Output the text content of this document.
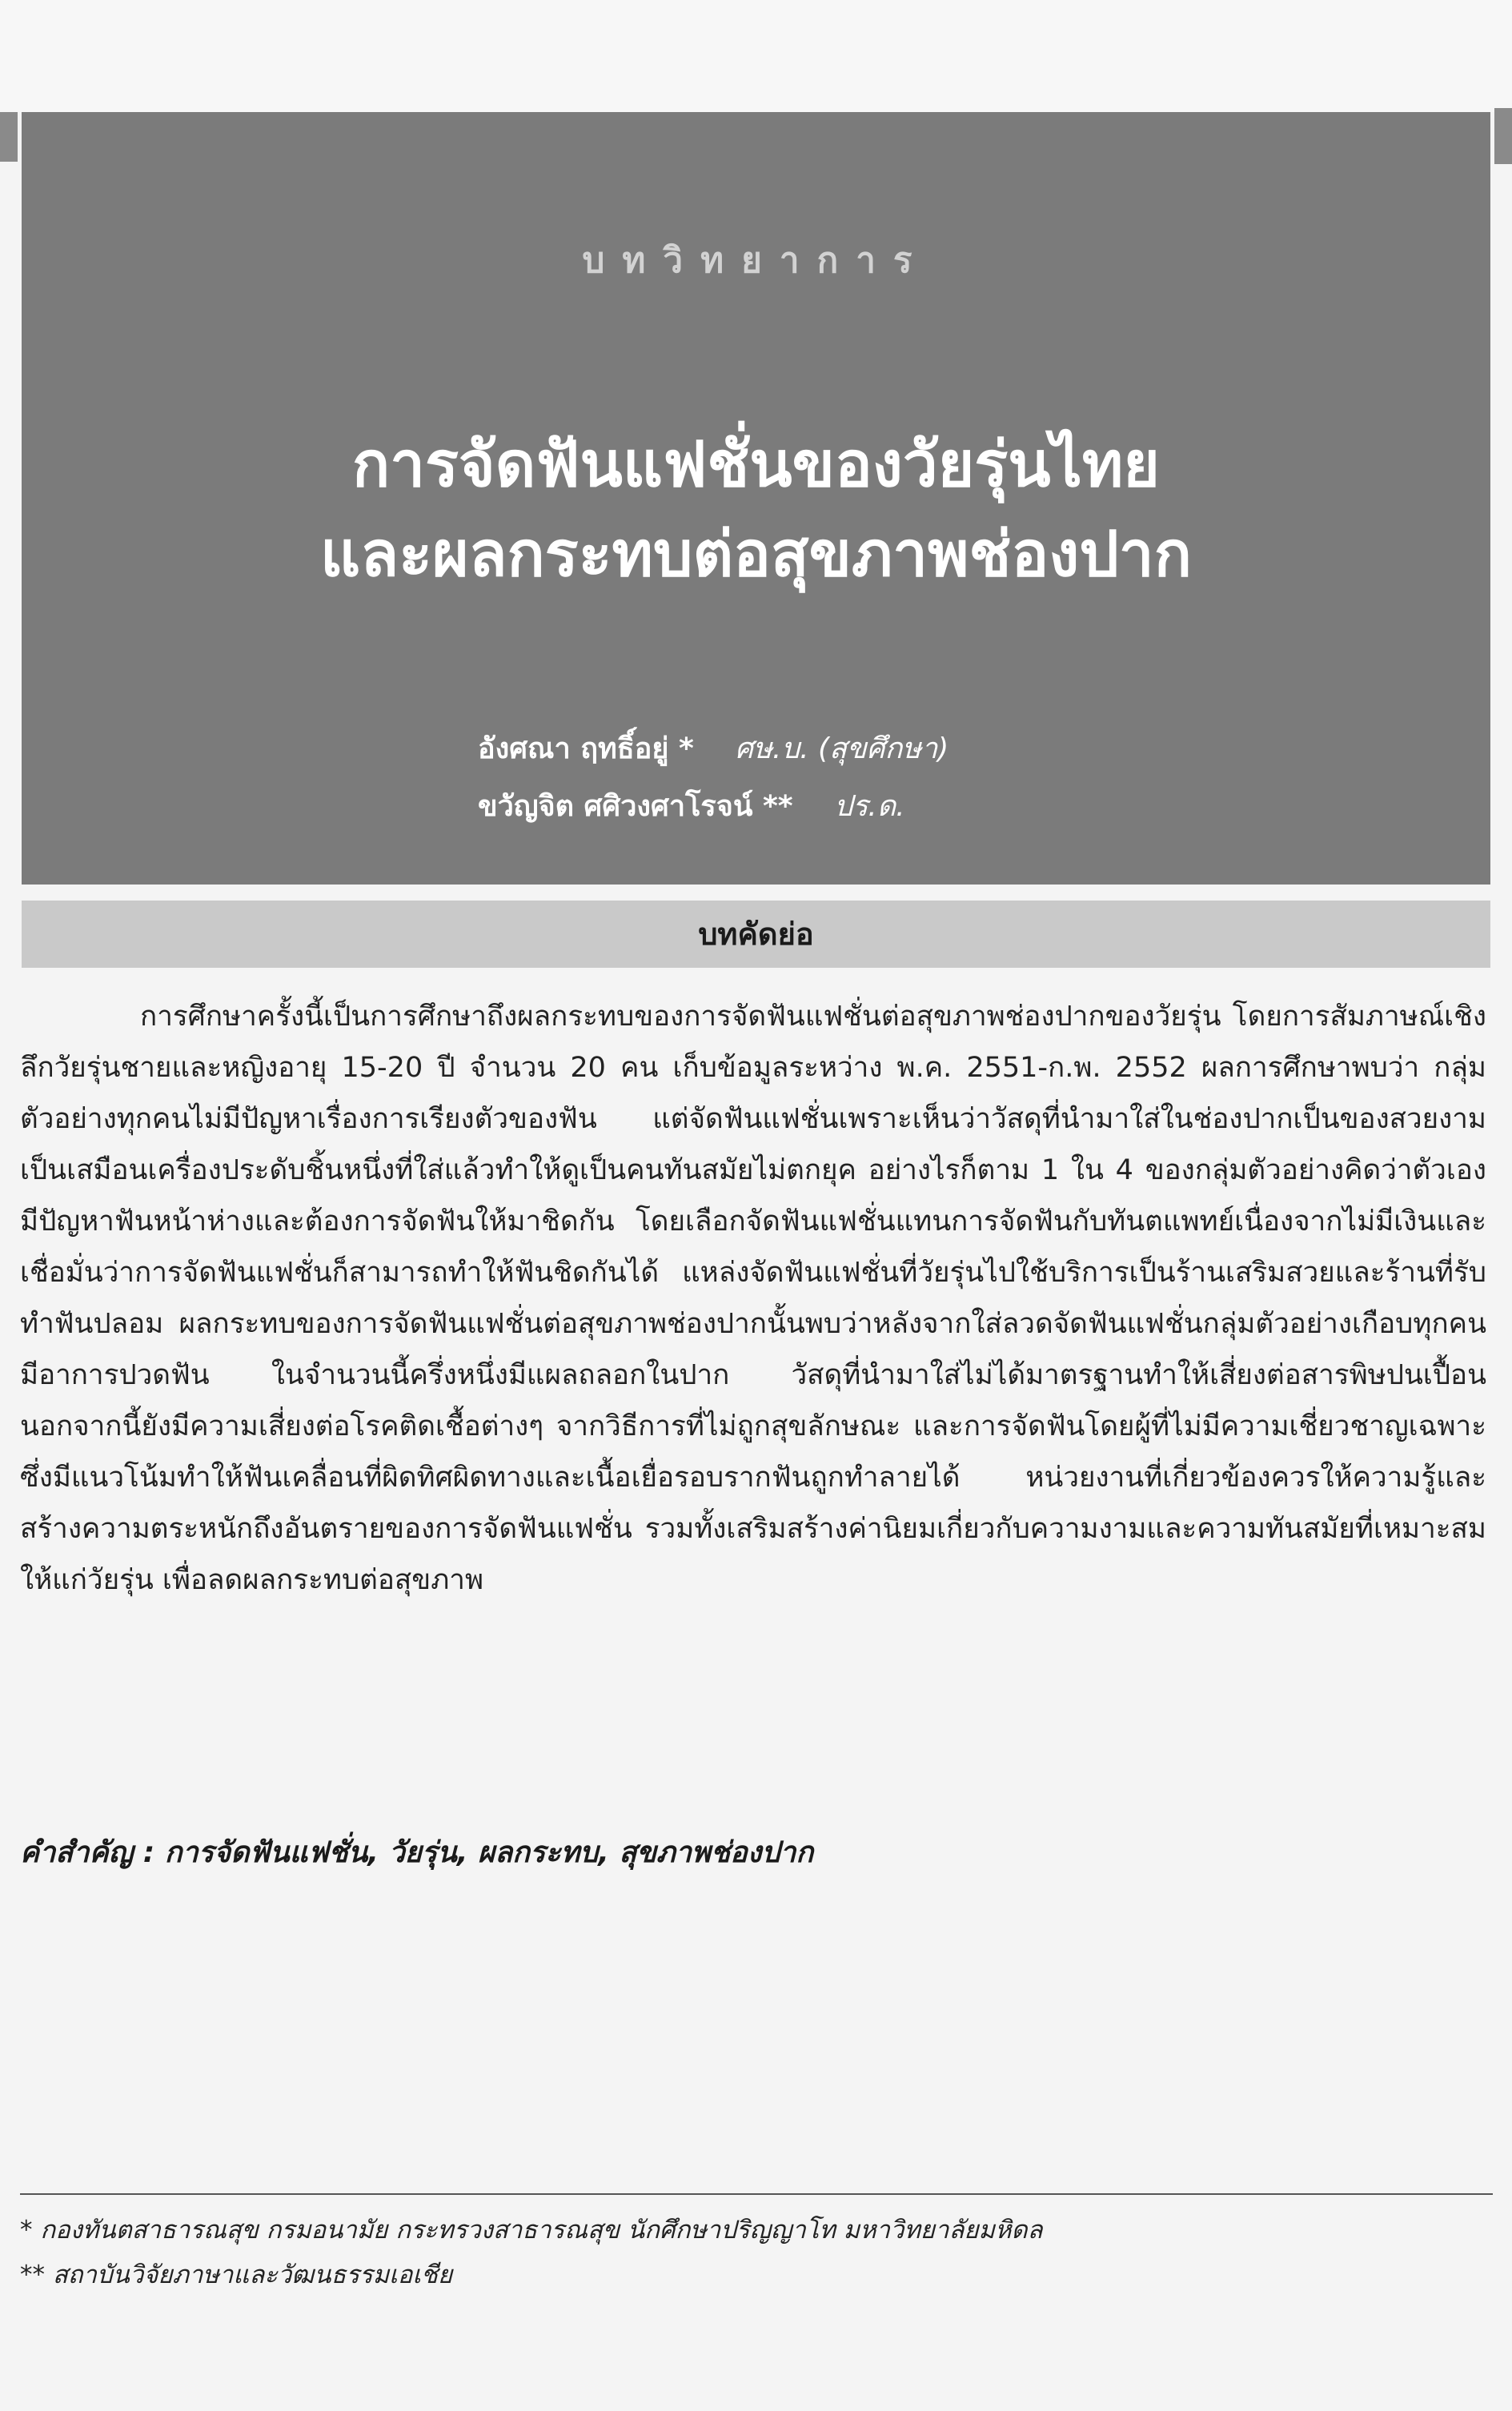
บทวิทยาการ
การจัดฟันแฟชั่นของวัยรุ่นไทย
และผลกระทบต่อสุขภาพช่องปาก
อังศณา ฤทธิ์อยู่ * ศษ.บ. (สุขศึกษา)
ขวัญจิต ศศิวงศาโรจน์ ** ปร.ด.
บทคัดย่อ
การศึกษาครั้งนี้เป็นการศึกษาถึงผลกระทบของการจัดฟันแฟชั่นต่อสุขภาพช่องปากของวัยรุ่น โดยการสัมภาษณ์เชิงลึกวัยรุ่นชายและหญิงอายุ 15-20 ปี จำนวน 20 คน เก็บข้อมูลระหว่าง พ.ค. 2551-ก.พ. 2552 ผลการศึกษาพบว่า กลุ่มตัวอย่างทุกคนไม่มีปัญหาเรื่องการเรียงตัวของฟัน แต่จัดฟันแฟชั่นเพราะเห็นว่าวัสดุที่นำมาใส่ในช่องปากเป็นของสวยงาม เป็นเสมือนเครื่องประดับชิ้นหนึ่งที่ใส่แล้วทำให้ดูเป็นคนทันสมัยไม่ตกยุค อย่างไรก็ตาม 1 ใน 4 ของกลุ่มตัวอย่างคิดว่าตัวเองมีปัญหาฟันหน้าห่างและต้องการจัดฟันให้มาชิดกัน โดยเลือกจัดฟันแฟชั่นแทนการจัดฟันกับทันตแพทย์เนื่องจากไม่มีเงินและเชื่อมั่นว่าการจัดฟันแฟชั่นก็สามารถทำให้ฟันชิดกันได้ แหล่งจัดฟันแฟชั่นที่วัยรุ่นไปใช้บริการเป็นร้านเสริมสวยและร้านที่รับทำฟันปลอม ผลกระทบของการจัดฟันแฟชั่นต่อสุขภาพช่องปากนั้นพบว่าหลังจากใส่ลวดจัดฟันแฟชั่นกลุ่มตัวอย่างเกือบทุกคนมีอาการปวดฟัน ในจำนวนนี้ครึ่งหนึ่งมีแผลถลอกในปาก วัสดุที่นำมาใส่ไม่ได้มาตรฐานทำให้เสี่ยงต่อสารพิษปนเปื้อน นอกจากนี้ยังมีความเสี่ยงต่อโรคติดเชื้อต่างๆ จากวิธีการที่ไม่ถูกสุขลักษณะ และการจัดฟันโดยผู้ที่ไม่มีความเชี่ยวชาญเฉพาะ ซึ่งมีแนวโน้มทำให้ฟันเคลื่อนที่ผิดทิศผิดทางและเนื้อเยื่อรอบรากฟันถูกทำลายได้ หน่วยงานที่เกี่ยวข้องควรให้ความรู้และสร้างความตระหนักถึงอันตรายของการจัดฟันแฟชั่น รวมทั้งเสริมสร้างค่านิยมเกี่ยวกับความงามและความทันสมัยที่เหมาะสมให้แก่วัยรุ่น เพื่อลดผลกระทบต่อสุขภาพ
คำสำคัญ : การจัดฟันแฟชั่น, วัยรุ่น, ผลกระทบ, สุขภาพช่องปาก
* กองทันตสาธารณสุข กรมอนามัย กระทรวงสาธารณสุข นักศึกษาปริญญาโท มหาวิทยาลัยมหิดล
** สถาบันวิจัยภาษาและวัฒนธรรมเอเชีย
